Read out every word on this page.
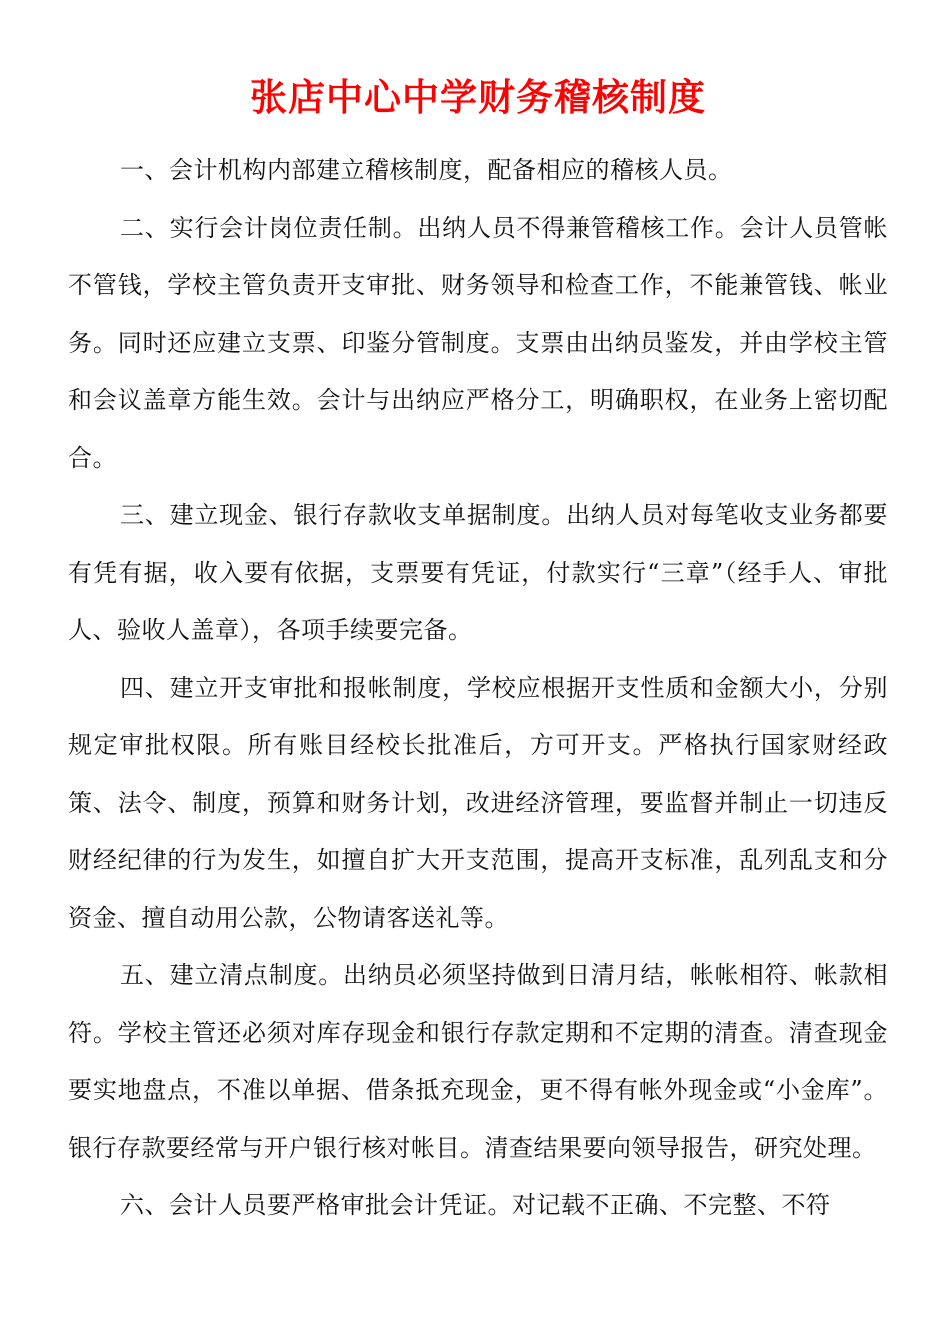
张店中心中学财务稽核制度

一、会计机构内部建立稽核制度，配备相应的稽核人员。

二、实行会计岗位责任制。出纳人员不得兼管稽核工作。会计人员管帐不管钱，学校主管负责开支审批、财务领导和检查工作，不能兼管钱、帐业务。同时还应建立支票、印鉴分管制度。支票由出纳员鉴发，并由学校主管和会议盖章方能生效。会计与出纳应严格分工，明确职权，在业务上密切配合。

三、建立现金、银行存款收支单据制度。出纳人员对每笔收支业务都要有凭有据，收入要有依据，支票要有凭证，付款实行“三章”（经手人、审批人、验收人盖章），各项手续要完备。

四、建立开支审批和报帐制度，学校应根据开支性质和金额大小，分别规定审批权限。所有账目经校长批准后，方可开支。严格执行国家财经政策、法令、制度，预算和财务计划，改进经济管理，要监督并制止一切违反财经纪律的行为发生，如擅自扩大开支范围，提高开支标准，乱列乱支和分资金、擅自动用公款，公物请客送礼等。

五、建立清点制度。出纳员必须坚持做到日清月结，帐帐相符、帐款相符。学校主管还必须对库存现金和银行存款定期和不定期的清查。清查现金要实地盘点，不准以单据、借条抵充现金，更不得有帐外现金或“小金库”。银行存款要经常与开户银行核对帐目。清查结果要向领导报告，研究处理。

六、会计人员要严格审批会计凭证。对记载不正确、不完整、不符
